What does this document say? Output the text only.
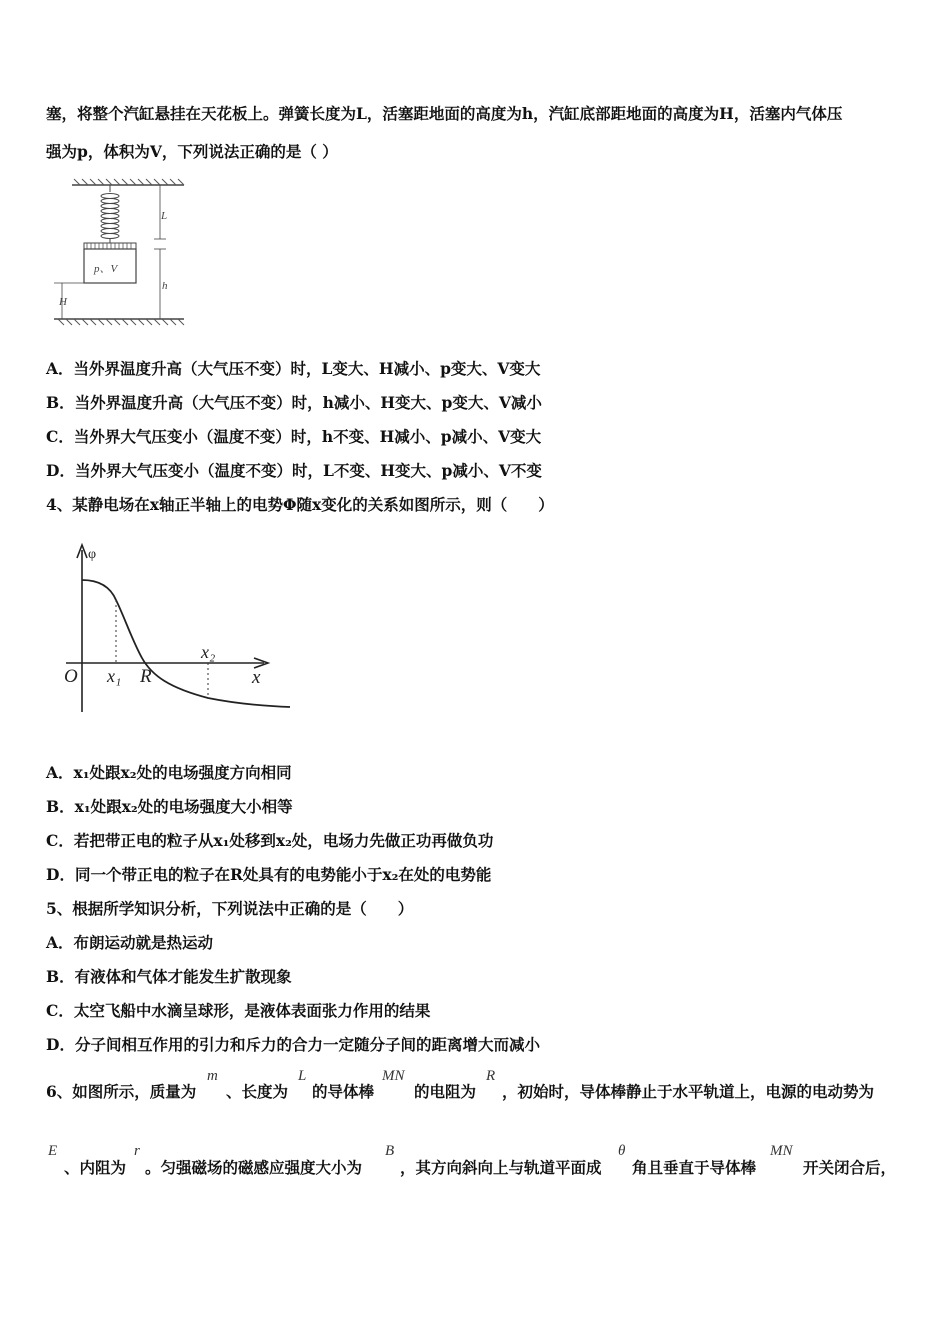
塞，将整个汽缸悬挂在天花板上。弹簧长度为L，活塞距地面的高度为h，汽缸底部距地面的高度为H，活塞内气体压
强为p，体积为V，下列说法正确的是（ ）
p、V
L
h
H
A．当外界温度升高（大气压不变）时，L变大、H减小、p变大、V变大
B．当外界温度升高（大气压不变）时，h减小、H变大、p变大、V减小
C．当外界大气压变小（温度不变）时，h不变、H减小、p减小、V变大
D．当外界大气压变小（温度不变）时，L不变、H变大、p减小、V不变
4、某静电场在x轴正半轴上的电势Φ随x变化的关系如图所示，则（　　）
φ
O	x
x₁ R
x₂
A．x₁处跟x₂处的电场强度方向相同
B．x₁处跟x₂处的电场强度大小相等
C．若把带正电的粒子从x₁处移到x₂处，电场力先做正功再做负功
D．同一个带正电的粒子在R处具有的电势能小于x₂在处的电势能
5、根据所学知识分析，下列说法中正确的是（　　）
A．布朗运动就是热运动
B．有液体和气体才能发生扩散现象
C．太空飞船中水滴呈球形，是液体表面张力作用的结果
D．分子间相互作用的引力和斥力的合力一定随分子间的距离增大而减小
6、如图所示，质量为
m
、长度为
L
的导体棒
MN
的电阻为
R
，初始时，导体棒静止于水平轨道上，电源的电动势为
E
、内阻为
r
。匀强磁场的磁感应强度大小为
B
，其方向斜向上与轨道平面成
θ
角且垂直于导体棒
MN
开关闭合后，
